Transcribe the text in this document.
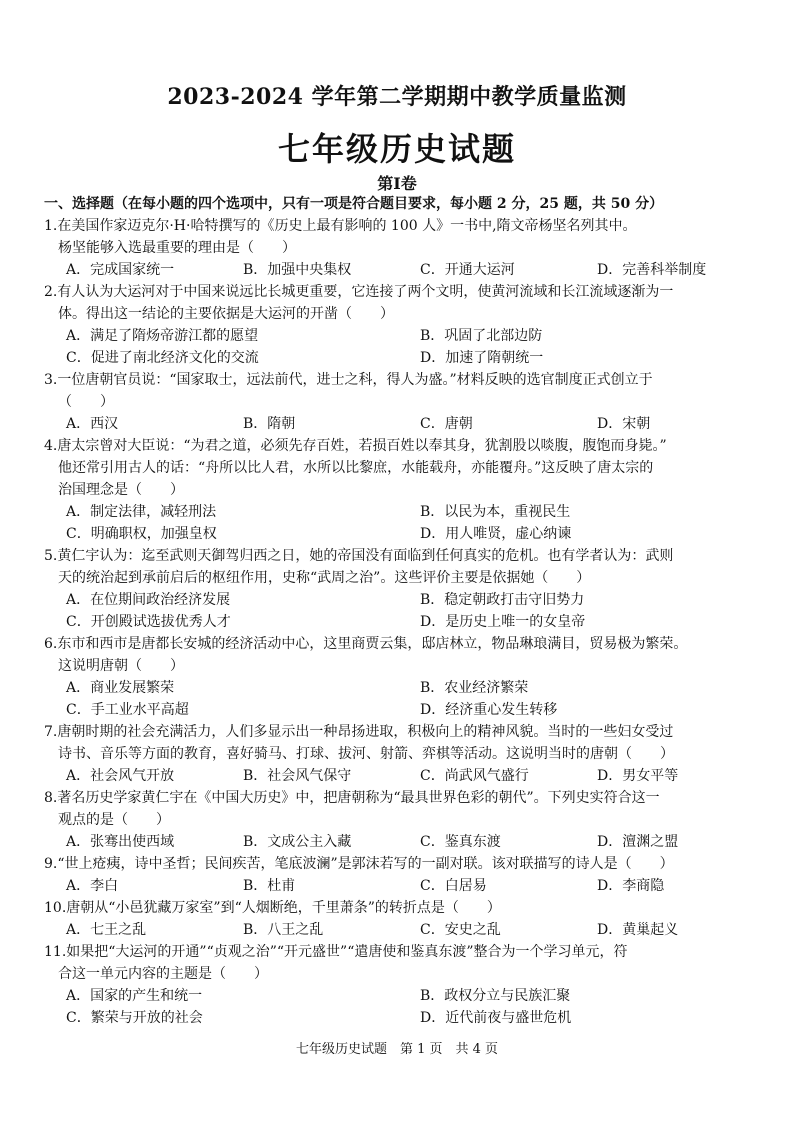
2023-2024 学年第二学期期中教学质量监测
七年级历史试题
第Ⅰ卷
一、选择题（在每小题的四个选项中，只有一项是符合题目要求，每小题 2 分，25 题，共 50 分）
1.在美国作家迈克尔·H·哈特撰写的《历史上最有影响的 100 人》一书中,隋文帝杨坚名列其中。
杨坚能够入选最重要的理由是（　　）
A．完成国家统一	B．加强中央集权	C．开通大运河	D．完善科举制度
2.有人认为大运河对于中国来说远比长城更重要，它连接了两个文明，使黄河流域和长江流域逐渐为一
体。得出这一结论的主要依据是大运河的开凿（　　）
A．满足了隋炀帝游江都的愿望	B．巩固了北部边防
C．促进了南北经济文化的交流	D．加速了隋朝统一
3.一位唐朝官员说：“国家取士，远法前代，进士之科，得人为盛。”材料反映的选官制度正式创立于
（　　）
A．西汉	B．隋朝	C．唐朝	D．宋朝
4.唐太宗曾对大臣说：“为君之道，必须先存百姓，若损百姓以奉其身，犹割股以啖腹，腹饱而身毙。”
他还常引用古人的话：“舟所以比人君，水所以比黎庶，水能载舟，亦能覆舟。”这反映了唐太宗的
治国理念是（　　）
A．制定法律，减轻刑法	B．以民为本，重视民生
C．明确职权，加强皇权	D．用人唯贤，虚心纳谏
5.黄仁宇认为：迄至武则天御驾归西之日，她的帝国没有面临到任何真实的危机。也有学者认为：武则
天的统治起到承前启后的枢纽作用，史称“武周之治”。这些评价主要是依据她（　　）
A．在位期间政治经济发展	B．稳定朝政打击守旧势力
C．开创殿试选拔优秀人才	D．是历史上唯一的女皇帝
6.东市和西市是唐都长安城的经济活动中心，这里商贾云集，邸店林立，物品琳琅满目，贸易极为繁荣。
这说明唐朝（　　）
A．商业发展繁荣	B．农业经济繁荣
C．手工业水平高超	D．经济重心发生转移
7.唐朝时期的社会充满活力，人们多显示出一种昂扬进取，积极向上的精神风貌。当时的一些妇女受过
诗书、音乐等方面的教育，喜好骑马、打球、拔河、射箭、弈棋等活动。这说明当时的唐朝（　　）
A．社会风气开放	B．社会风气保守	C．尚武风气盛行	D．男女平等
8.著名历史学家黄仁宇在《中国大历史》中，把唐朝称为“最具世界色彩的朝代”。下列史实符合这一
观点的是（　　）
A．张骞出使西域	B．文成公主入藏	C．鉴真东渡	D．澶渊之盟
9.“世上疮痍，诗中圣哲；民间疾苦，笔底波澜”是郭沫若写的一副对联。该对联描写的诗人是（　　）
A．李白	B．杜甫	C．白居易	D．李商隐
10.唐朝从“小邑犹藏万家室”到“人烟断绝，千里萧条”的转折点是（　　）
A．七王之乱	B．八王之乱	C．安史之乱	D．黄巢起义
11.如果把“大运河的开通”“贞观之治”“开元盛世”“遣唐使和鉴真东渡”整合为一个学习单元，符
合这一单元内容的主题是（　　）
A．国家的产生和统一	B．政权分立与民族汇聚
C．繁荣与开放的社会	D．近代前夜与盛世危机
七年级历史试题　第 1 页　共 4 页
